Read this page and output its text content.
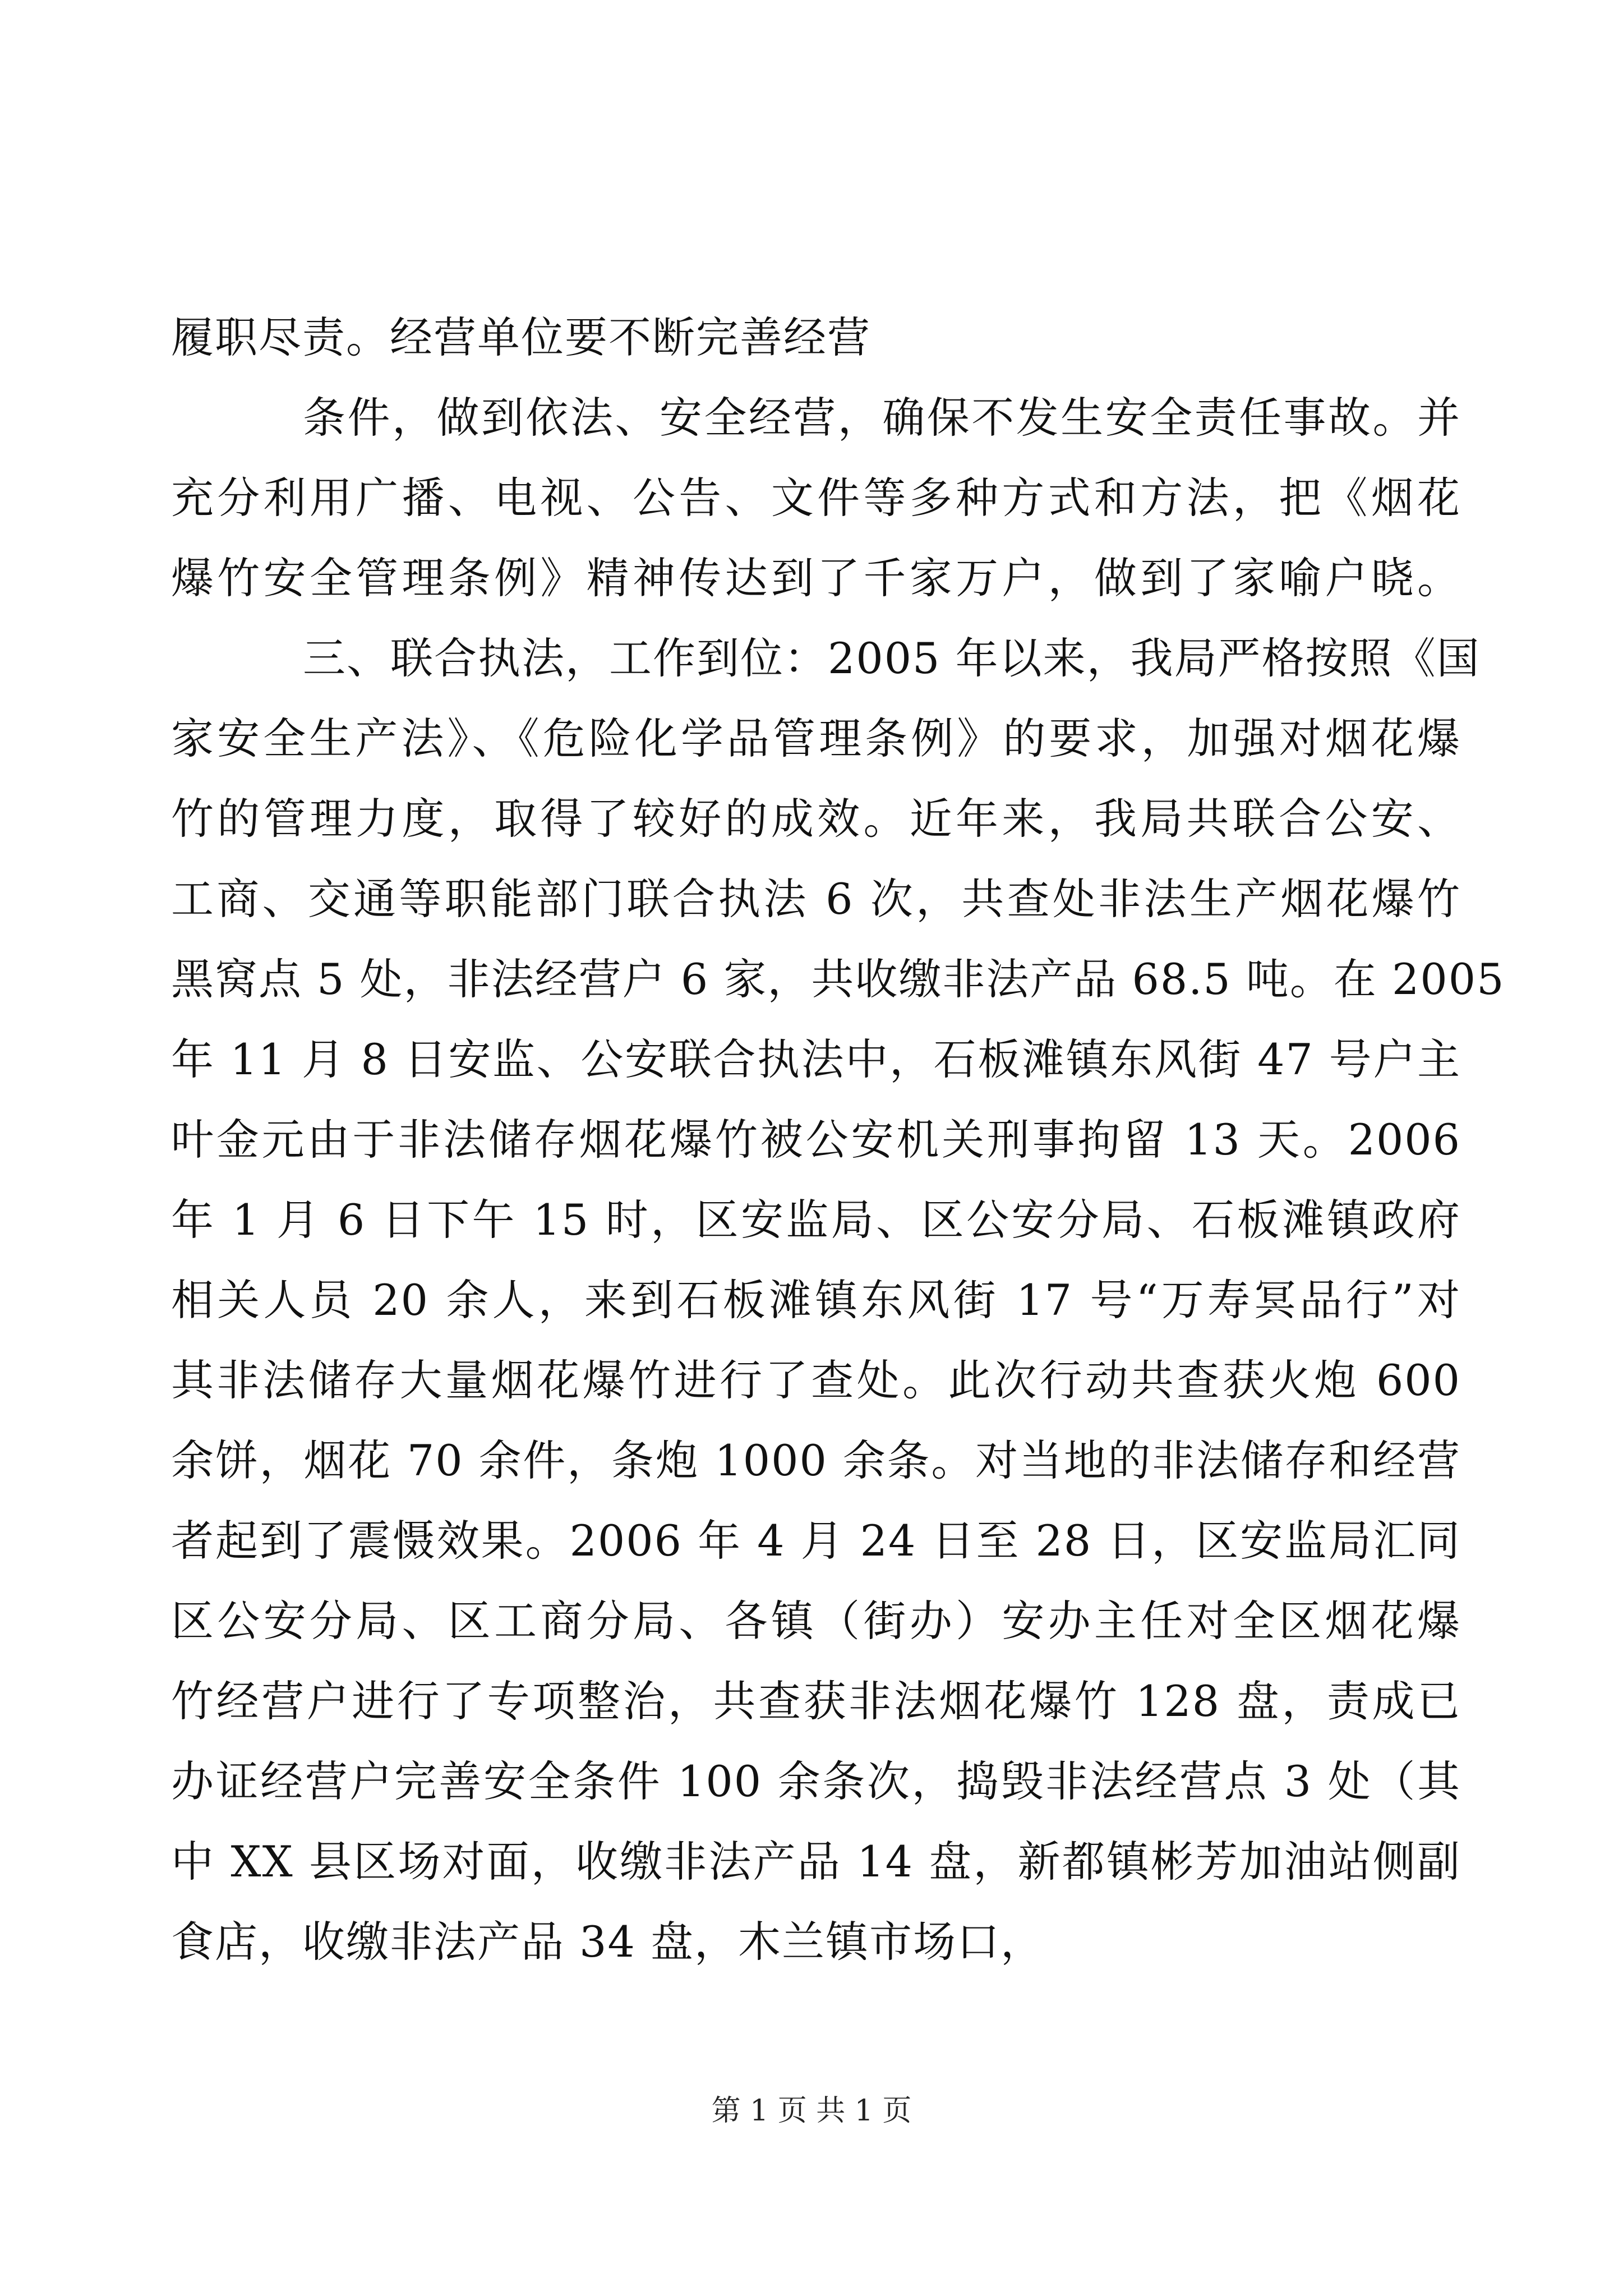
履职尽责。经营单位要不断完善经营
条件，做到依法、安全经营，确保不发生安全责任事故。并
充分利用广播、电视、公告、文件等多种方式和方法，把《烟花
爆竹安全管理条例》精神传达到了千家万户，做到了家喻户晓。
三、联合执法，工作到位：2005 年以来，我局严格按照《国
家安全生产法》、《危险化学品管理条例》的要求，加强对烟花爆
竹的管理力度，取得了较好的成效。近年来，我局共联合公安、
工商、交通等职能部门联合执法 6 次，共查处非法生产烟花爆竹
黑窝点 5 处，非法经营户 6 家，共收缴非法产品 68.5 吨。在 2005
年 11 月 8 日安监、公安联合执法中，石板滩镇东风街 47 号户主
叶金元由于非法储存烟花爆竹被公安机关刑事拘留 13 天。2006
年 1 月 6 日下午 15 时，区安监局、区公安分局、石板滩镇政府
相关人员 20 余人，来到石板滩镇东风街 17 号“万寿冥品行”对
其非法储存大量烟花爆竹进行了查处。此次行动共查获火炮 600
余饼，烟花 70 余件，条炮 1000 余条。对当地的非法储存和经营
者起到了震慑效果。2006 年 4 月 24 日至 28 日，区安监局汇同
区公安分局、区工商分局、各镇（街办）安办主任对全区烟花爆
竹经营户进行了专项整治，共查获非法烟花爆竹 128 盘，责成已
办证经营户完善安全条件 100 余条次，捣毁非法经营点 3 处（其
中 XX 县区场对面，收缴非法产品 14 盘，新都镇彬芳加油站侧副
食店，收缴非法产品 34 盘，木兰镇市场口，
第 1 页 共 1 页
